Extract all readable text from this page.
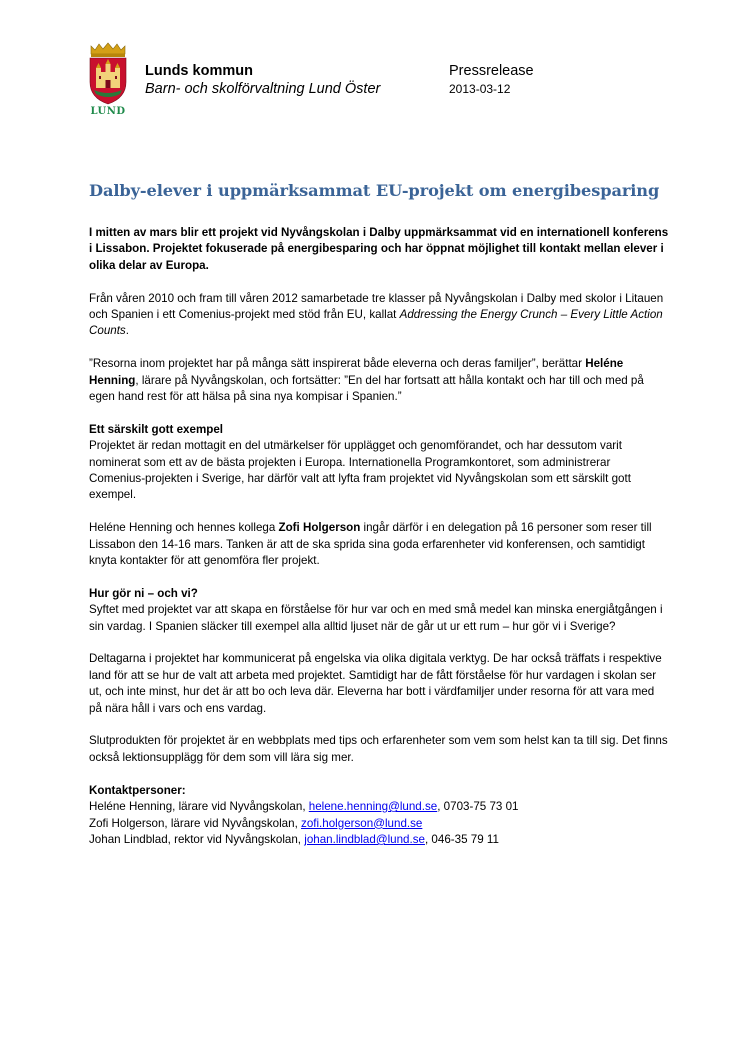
LUND
Lunds kommun
Barn- och skolförvaltning Lund Öster
Pressrelease
2013-03-12
Dalby-elever i uppmärksammat EU-projekt om energibesparing

I mitten av mars blir ett projekt vid Nyvångskolan i Dalby uppmärksammat vid en internationell konferens i Lissabon. Projektet fokuserade på energibesparing och har öppnat möjlighet till kontakt mellan elever i olika delar av Europa.

Från våren 2010 och fram till våren 2012 samarbetade tre klasser på Nyvångskolan i Dalby med skolor i Litauen och Spanien i ett Comenius-projekt med stöd från EU, kallat Addressing the Energy Crunch – Every Little Action Counts.

”Resorna inom projektet har på många sätt inspirerat både eleverna och deras familjer”, berättar Heléne Henning, lärare på Nyvångskolan, och fortsätter: ”En del har fortsatt att hålla kontakt och har till och med på egen hand rest för att hälsa på sina nya kompisar i Spanien.”

Ett särskilt gott exempel
Projektet är redan mottagit en del utmärkelser för upplägget och genomförandet, och har dessutom varit nominerat som ett av de bästa projekten i Europa. Internationella Programkontoret, som administrerar Comenius-projekten i Sverige, har därför valt att lyfta fram projektet vid Nyvångskolan som ett särskilt gott exempel.

Heléne Henning och hennes kollega Zofi Holgerson ingår därför i en delegation på 16 personer som reser till Lissabon den 14-16 mars. Tanken är att de ska sprida sina goda erfarenheter vid konferensen, och samtidigt knyta kontakter för att genomföra fler projekt.

Hur gör ni – och vi?
Syftet med projektet var att skapa en förståelse för hur var och en med små medel kan minska energiåtgången i sin vardag. I Spanien släcker till exempel alla alltid ljuset när de går ut ur ett rum – hur gör vi i Sverige?

Deltagarna i projektet har kommunicerat på engelska via olika digitala verktyg. De har också träffats i respektive land för att se hur de valt att arbeta med projektet. Samtidigt har de fått förståelse för hur vardagen i skolan ser ut, och inte minst, hur det är att bo och leva där. Eleverna har bott i värdfamiljer under resorna för att vara med på nära håll i vars och ens vardag.

Slutprodukten för projektet är en webbplats med tips och erfarenheter som vem som helst kan ta till sig. Det finns också lektionsupplägg för dem som vill lära sig mer.

Kontaktpersoner:
Heléne Henning, lärare vid Nyvångskolan, helene.henning@lund.se, 0703-75 73 01
Zofi Holgerson, lärare vid Nyvångskolan, zofi.holgerson@lund.se
Johan Lindblad, rektor vid Nyvångskolan, johan.lindblad@lund.se, 046-35 79 11
